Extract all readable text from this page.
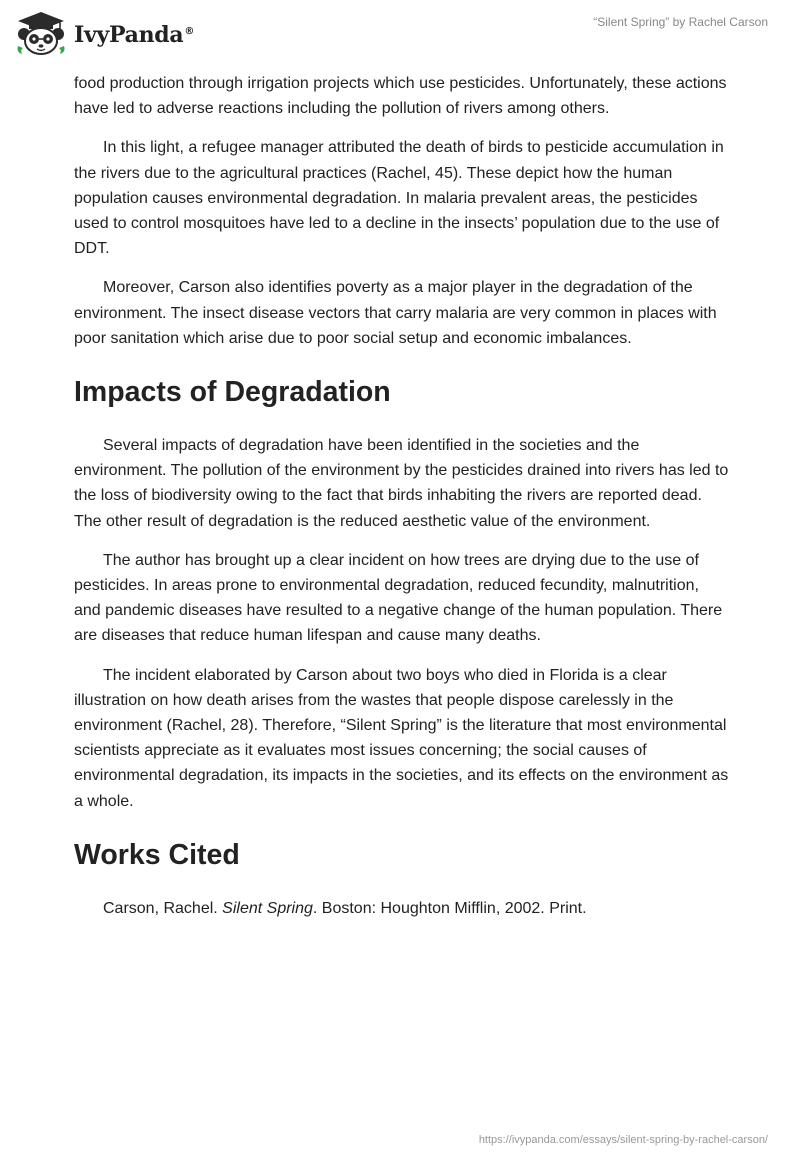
IvyPanda®
“Silent Spring” by Rachel Carson

food production through irrigation projects which use pesticides. Unfortunately, these actions have led to adverse reactions including the pollution of rivers among others.

In this light, a refugee manager attributed the death of birds to pesticide accumulation in the rivers due to the agricultural practices (Rachel, 45). These depict how the human population causes environmental degradation. In malaria prevalent areas, the pesticides used to control mosquitoes have led to a decline in the insects’ population due to the use of DDT.

Moreover, Carson also identifies poverty as a major player in the degradation of the environment. The insect disease vectors that carry malaria are very common in places with poor sanitation which arise due to poor social setup and economic imbalances.

Impacts of Degradation

Several impacts of degradation have been identified in the societies and the environment. The pollution of the environment by the pesticides drained into rivers has led to the loss of biodiversity owing to the fact that birds inhabiting the rivers are reported dead. The other result of degradation is the reduced aesthetic value of the environment.

The author has brought up a clear incident on how trees are drying due to the use of pesticides. In areas prone to environmental degradation, reduced fecundity, malnutrition, and pandemic diseases have resulted to a negative change of the human population. There are diseases that reduce human lifespan and cause many deaths.

The incident elaborated by Carson about two boys who died in Florida is a clear illustration on how death arises from the wastes that people dispose carelessly in the environment (Rachel, 28). Therefore, “Silent Spring” is the literature that most environmental scientists appreciate as it evaluates most issues concerning; the social causes of environmental degradation, its impacts in the societies, and its effects on the environment as a whole.

Works Cited

Carson, Rachel. Silent Spring. Boston: Houghton Mifflin, 2002. Print.

https://ivypanda.com/essays/silent-spring-by-rachel-carson/
